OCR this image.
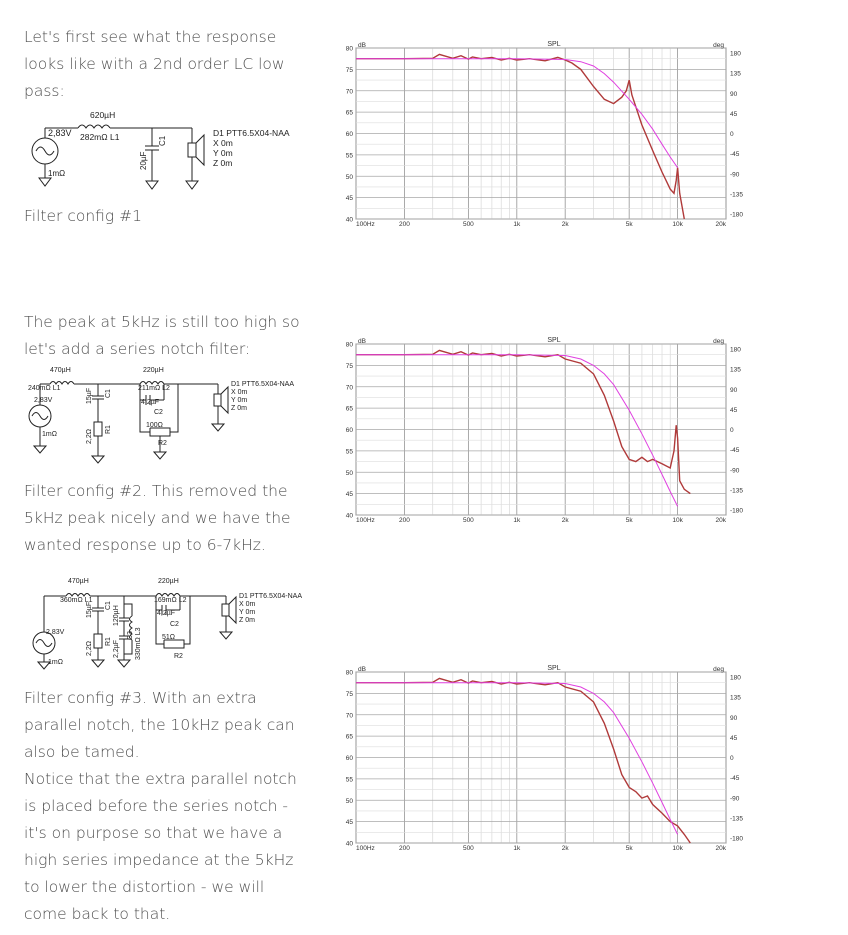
Let's first see what the response
looks like with a 2nd order LC low
pass:

2,83V
1mΩ
620µH
282mΩ L1
20µF
C1
D1 PTT6.5X04-NAA
X 0m
Y 0m
Z 0m

Filter config #1

80
75
70
65
60
55
50
45
40
180
135
90
45
0
-45
-90
-135
-180
100Hz	200	500	1k	2k	5k	10k	20k
SPL
dB	deg

The peak at 5kHz is still too high so
let's add a series notch filter:

470µH
240mΩ L1
2,83V
1mΩ
15µF C1
2,2Ω R1
220µH
211mΩ L2
4,2µF
C2
100Ω
R2
D1 PTT6.5X04-NAA
X 0m
Y 0m
Z 0m

Filter config #2. This removed the
5kHz peak nicely and we have the
wanted response up to 6-7kHz.

80
75
70
65
60
55
50
45
40
180
135
90
45
0
-45
-90
-135
-180
100Hz	200	500	1k	2k	5k	10k	20k
SPL
dB	deg
470µH
360mΩ L1
2,83V
1mΩ
15µF C1
2,2Ω R1
120µH
2,2µF
C3 330mΩ L3
220µH
169mΩ L2
4,2µF
C2
51Ω
R2
D1 PTT6.5X04-NAA
X 0m
Y 0m
Z 0m

Filter config #3. With an extra
parallel notch, the 10kHz peak can
also be tamed.
Notice that the extra parallel notch
is placed before the series notch -
it's on purpose so that we have a
high series impedance at the 5kHz
to lower the distortion - we will
come back to that.

80
75
70
65
60
55
50
45
40
180
135
90
45
0
-45
-90
-135
-180
100Hz	200	500	1k	2k	5k	10k	20k
SPL
dB	deg
